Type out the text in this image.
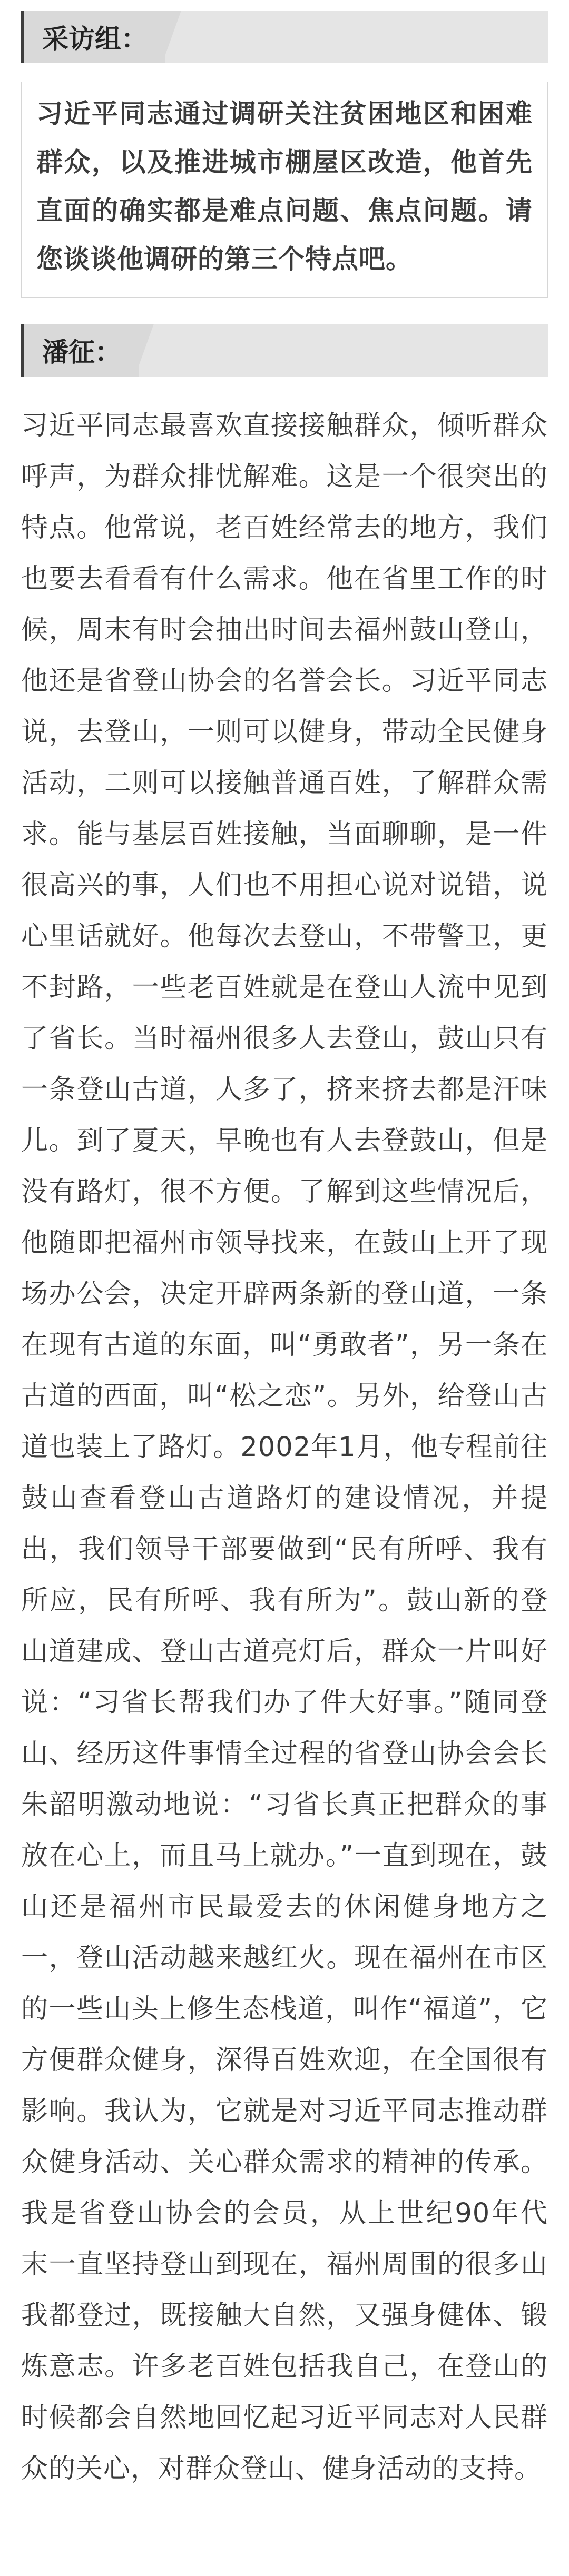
采访组：

习近平同志通过调研关注贫困地区和困难群众，以及推进城市棚屋区改造，他首先直面的确实都是难点问题、焦点问题。请您谈谈他调研的第三个特点吧。

潘征：

习近平同志最喜欢直接接触群众，倾听群众呼声，为群众排忧解难。这是一个很突出的特点。他常说，老百姓经常去的地方，我们也要去看看有什么需求。他在省里工作的时候，周末有时会抽出时间去福州鼓山登山，他还是省登山协会的名誉会长。习近平同志说，去登山，一则可以健身，带动全民健身活动，二则可以接触普通百姓，了解群众需求。能与基层百姓接触，当面聊聊，是一件很高兴的事，人们也不用担心说对说错，说心里话就好。他每次去登山，不带警卫，更不封路，一些老百姓就是在登山人流中见到了省长。当时福州很多人去登山，鼓山只有一条登山古道，人多了，挤来挤去都是汗味儿。到了夏天，早晚也有人去登鼓山，但是没有路灯，很不方便。了解到这些情况后，他随即把福州市领导找来，在鼓山上开了现场办公会，决定开辟两条新的登山道，一条在现有古道的东面，叫“勇敢者”，另一条在古道的西面，叫“松之恋”。另外，给登山古道也装上了路灯。2002年1月，他专程前往鼓山查看登山古道路灯的建设情况，并提出，我们领导干部要做到“民有所呼、我有所应，民有所呼、我有所为”。鼓山新的登山道建成、登山古道亮灯后，群众一片叫好说：“习省长帮我们办了件大好事。”随同登山、经历这件事情全过程的省登山协会会长朱韶明激动地说：“习省长真正把群众的事放在心上，而且马上就办。”一直到现在，鼓山还是福州市民最爱去的休闲健身地方之一，登山活动越来越红火。现在福州在市区的一些山头上修生态栈道，叫作“福道”，它方便群众健身，深得百姓欢迎，在全国很有影响。我认为，它就是对习近平同志推动群众健身活动、关心群众需求的精神的传承。我是省登山协会的会员，从上世纪90年代末一直坚持登山到现在，福州周围的很多山我都登过，既接触大自然，又强身健体、锻炼意志。许多老百姓包括我自己，在登山的时候都会自然地回忆起习近平同志对人民群众的关心，对群众登山、健身活动的支持。
